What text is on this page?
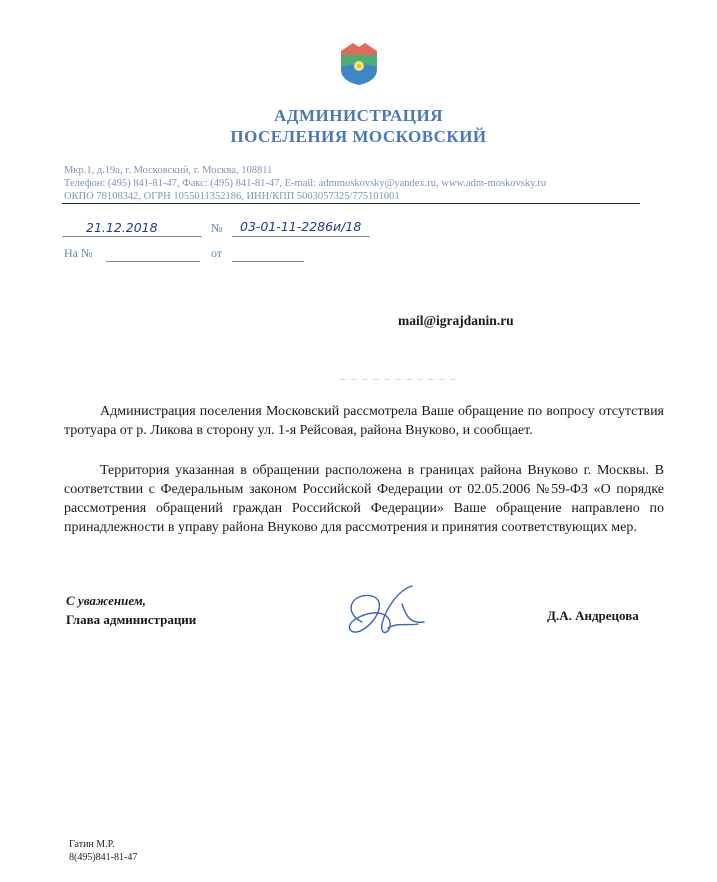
АДМИНИСТРАЦИЯ
ПОСЕЛЕНИЯ МОСКОВСКИЙ
Мкр.1, д.19а, г. Московский, г. Москва, 108811
Телефон: (495) 841-81-47, Факс: (495) 841-81-47, E-mail: admmoskovsky@yandex.ru, www.adm-moskovsky.ru
ОКПО 78108342, ОГРН 1055011352186, ИНН/КПП 5003057325/775101001
21.12.2018	№ 03-01-11-2286и/18
На №	от
mail@igrajdanin.ru
Администрация поселения Московский рассмотрела Ваше обращение по вопросу отсутствия тротуара от р. Ликова в сторону ул. 1-я Рейсовая, района Внуково, и сообщает.
Территория указанная в обращении расположена в границах района Внуково г. Москвы. В соответствии с Федеральным законом Российской Федерации от 02.05.2006 №59-ФЗ «О порядке рассмотрения обращений граждан Российской Федерации» Ваше обращение направлено по принадлежности в управу района Внуково для рассмотрения и принятия соответствующих мер.
С уважением,
Глава администрации	Д.А. Андрецова
Гатин М.Р.
8(495)841-81-47
